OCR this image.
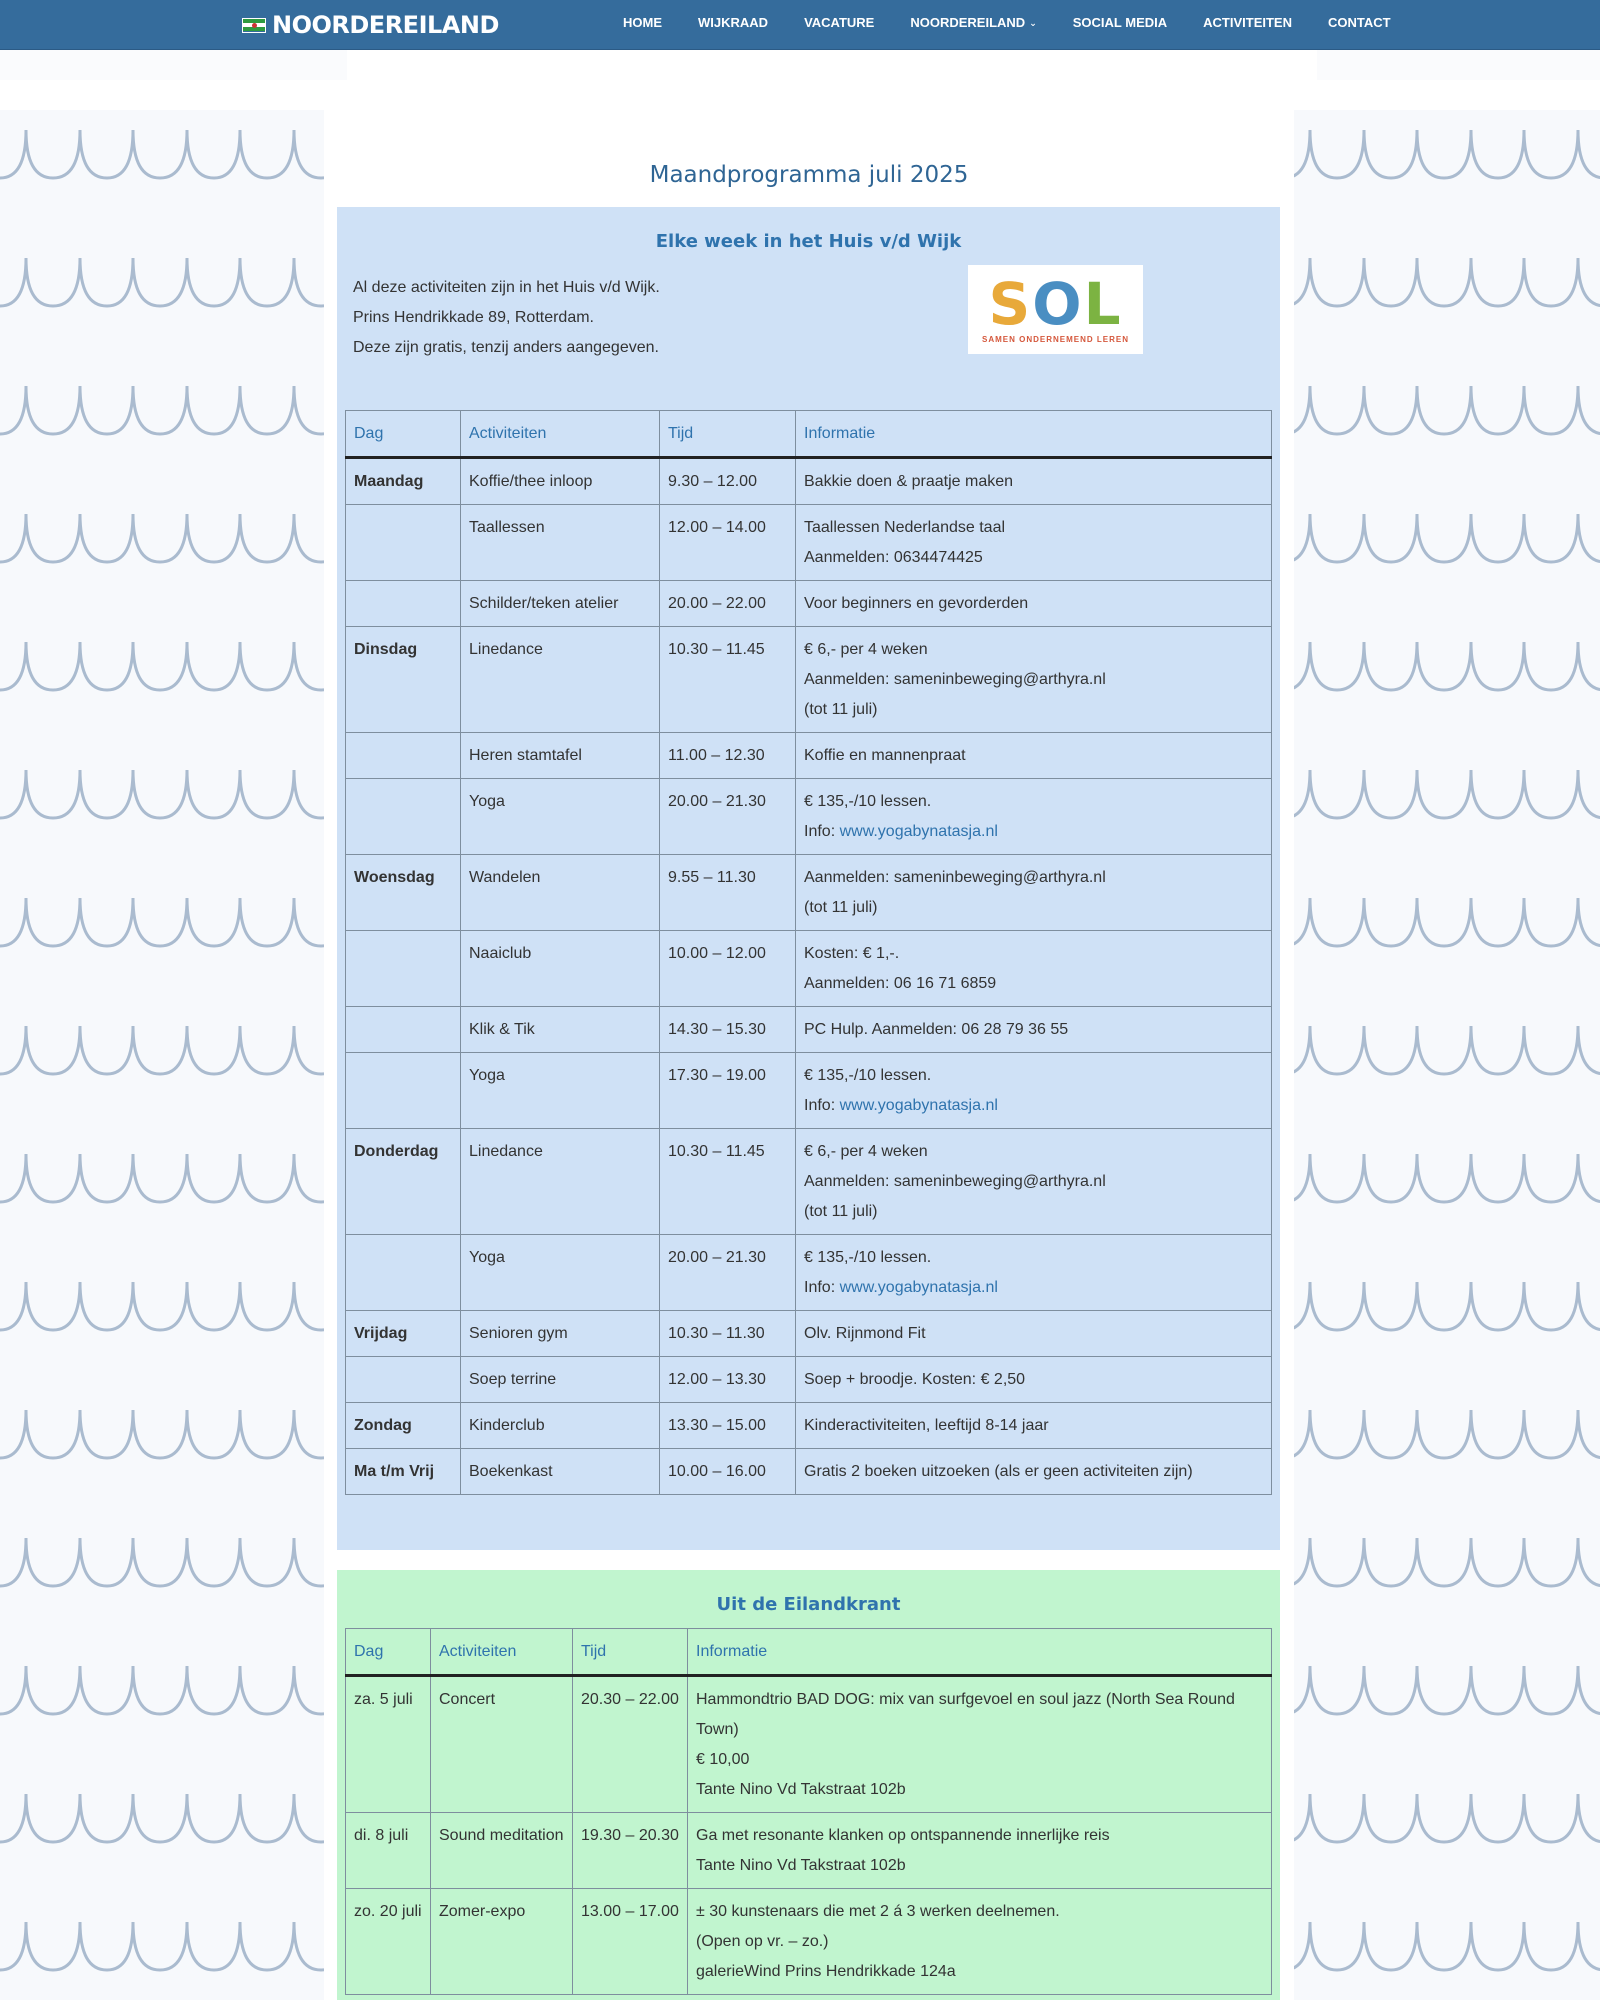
NOORDEREILAND	HOME	WIJKRAAD	VACATURE	NOORDEREILAND ⌄	SOCIAL MEDIA	ACTIVITEITEN	CONTACT
Maandprogramma juli 2025
Elke week in het Huis v/d Wijk
Al deze activiteiten zijn in het Huis v/d Wijk.
Prins Hendrikkade 89, Rotterdam.
Deze zijn gratis, tenzij anders aangegeven.
SOL
SAMEN ONDERNEMEND LEREN
Dag	Activiteiten	Tijd	Informatie
Maandag	Koffie/thee inloop	9.30 – 12.00	Bakkie doen & praatje maken

	Taallessen	12.00 – 14.00	Taallessen Nederlandse taal
Aanmelden: 0634474425

	Schilder/teken atelier	20.00 – 22.00	Voor beginners en gevorderden

Dinsdag	Linedance	10.30 – 11.45	€ 6,- per 4 weken
Aanmelden: sameninbeweging@arthyra.nl
(tot 11 juli)

	Heren stamtafel	11.00 – 12.30	Koffie en mannenpraat

	Yoga	20.00 – 21.30	€ 135,-/10 lessen.
Info: www.yogabynatasja.nl

Woensdag	Wandelen	9.55 – 11.30	Aanmelden: sameninbeweging@arthyra.nl
(tot 11 juli)

	Naaiclub	10.00 – 12.00	Kosten: € 1,-.
Aanmelden: 06 16 71 6859

	Klik & Tik	14.30 – 15.30	PC Hulp. Aanmelden: 06 28 79 36 55

	Yoga	17.30 – 19.00	€ 135,-/10 lessen.
Info: www.yogabynatasja.nl

Donderdag	Linedance	10.30 – 11.45	€ 6,- per 4 weken
Aanmelden: sameninbeweging@arthyra.nl
(tot 11 juli)

	Yoga	20.00 – 21.30	€ 135,-/10 lessen.
Info: www.yogabynatasja.nl

Vrijdag	Senioren gym	10.30 – 11.30	Olv. Rijnmond Fit

	Soep terrine	12.00 – 13.30	Soep + broodje. Kosten: € 2,50

Zondag	Kinderclub	13.30 – 15.00	Kinderactiviteiten, leeftijd 8-14 jaar

Ma t/m Vrij	Boekenkast	10.00 – 16.00	Gratis 2 boeken uitzoeken (als er geen activiteiten zijn)
Uit de Eilandkrant
Dag	Activiteiten	Tijd	Informatie
za. 5 juli	Concert	20.30 – 22.00	Hammondtrio BAD DOG: mix van surfgevoel en soul jazz (North Sea Round Town)
€ 10,00
Tante Nino Vd Takstraat 102b

di. 8 juli	Sound meditation	19.30 – 20.30	Ga met resonante klanken op ontspannende innerlijke reis
Tante Nino Vd Takstraat 102b

zo. 20 juli	Zomer-expo	13.00 – 17.00	± 30 kunstenaars die met 2 á 3 werken deelnemen.
(Open op vr. – zo.)
galerieWind Prins Hendrikkade 124a
